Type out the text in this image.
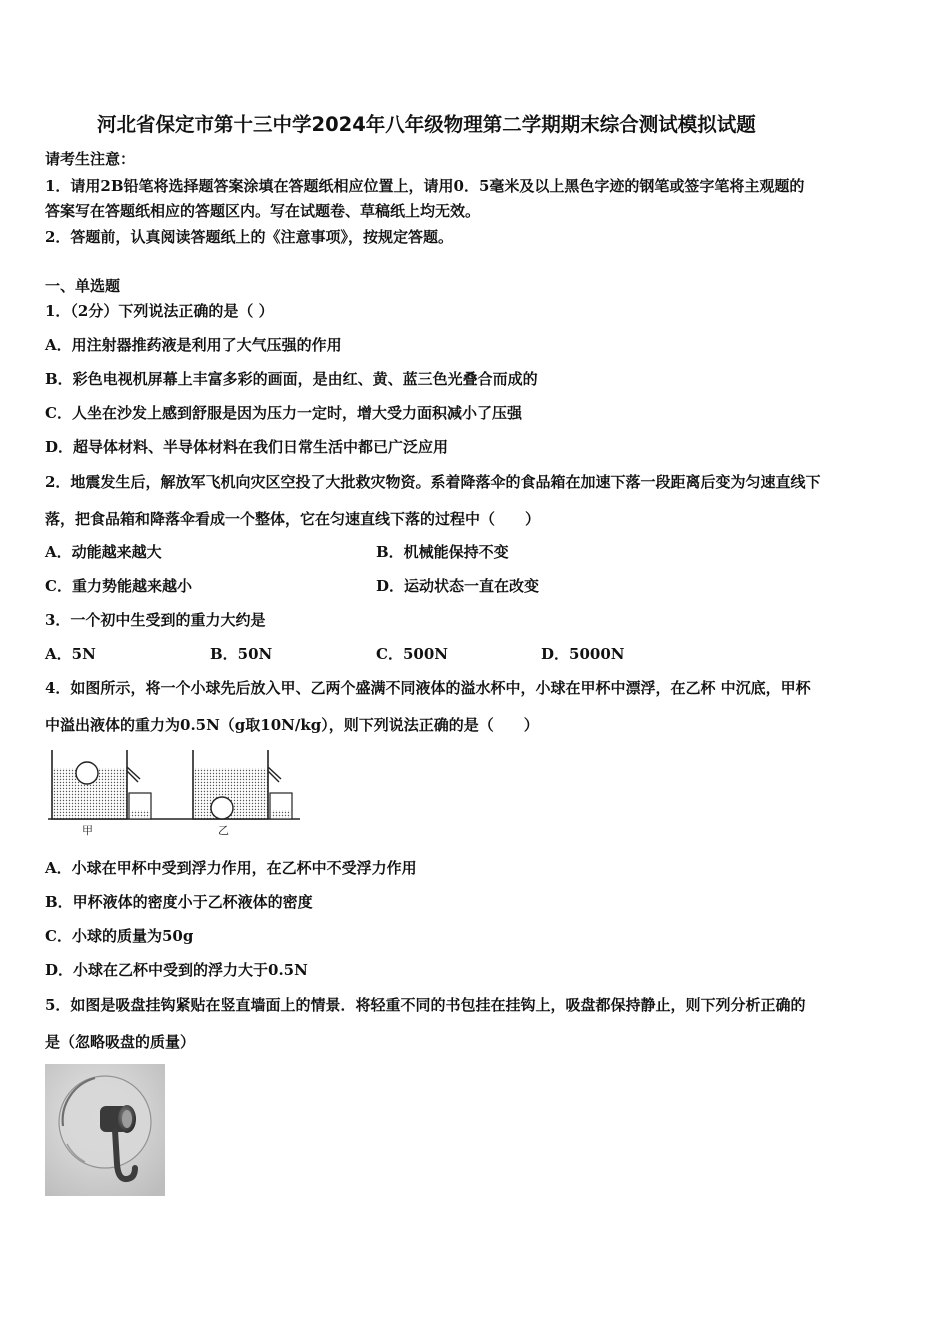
河北省保定市第十三中学2024年八年级物理第二学期期末综合测试模拟试题
请考生注意：
1．请用2B铅笔将选择题答案涂填在答题纸相应位置上，请用0．5毫米及以上黑色字迹的钢笔或签字笔将主观题的
答案写在答题纸相应的答题区内。写在试题卷、草稿纸上均无效。
2．答题前，认真阅读答题纸上的《注意事项》，按规定答题。
一、单选题
1．（2分）下列说法正确的是（ ）
A．用注射器推药液是利用了大气压强的作用
B．彩色电视机屏幕上丰富多彩的画面，是由红、黄、蓝三色光叠合而成的
C．人坐在沙发上感到舒服是因为压力一定时，增大受力面积减小了压强
D．超导体材料、半导体材料在我们日常生活中都已广泛应用
2．地震发生后，解放军飞机向灾区空投了大批救灾物资。系着降落伞的食品箱在加速下落一段距离后变为匀速直线下
落，把食品箱和降落伞看成一个整体，它在匀速直线下落的过程中（　　）
A．动能越来越大	B．机械能保持不变
C．重力势能越来越小	D．运动状态一直在改变
3．一个初中生受到的重力大约是
A．5N	B．50N	C．500N	D．5000N
4．如图所示，将一个小球先后放入甲、乙两个盛满不同液体的溢水杯中，小球在甲杯中漂浮，在乙杯 中沉底，甲杯
中溢出液体的重力为0.5N（g取10N/kg），则下列说法正确的是（　　）
甲	乙
A．小球在甲杯中受到浮力作用，在乙杯中不受浮力作用
B．甲杯液体的密度小于乙杯液体的密度
C．小球的质量为50g
D．小球在乙杯中受到的浮力大于0.5N
5．如图是吸盘挂钩紧贴在竖直墙面上的情景．将轻重不同的书包挂在挂钩上，吸盘都保持静止，则下列分析正确的
是（忽略吸盘的质量）
